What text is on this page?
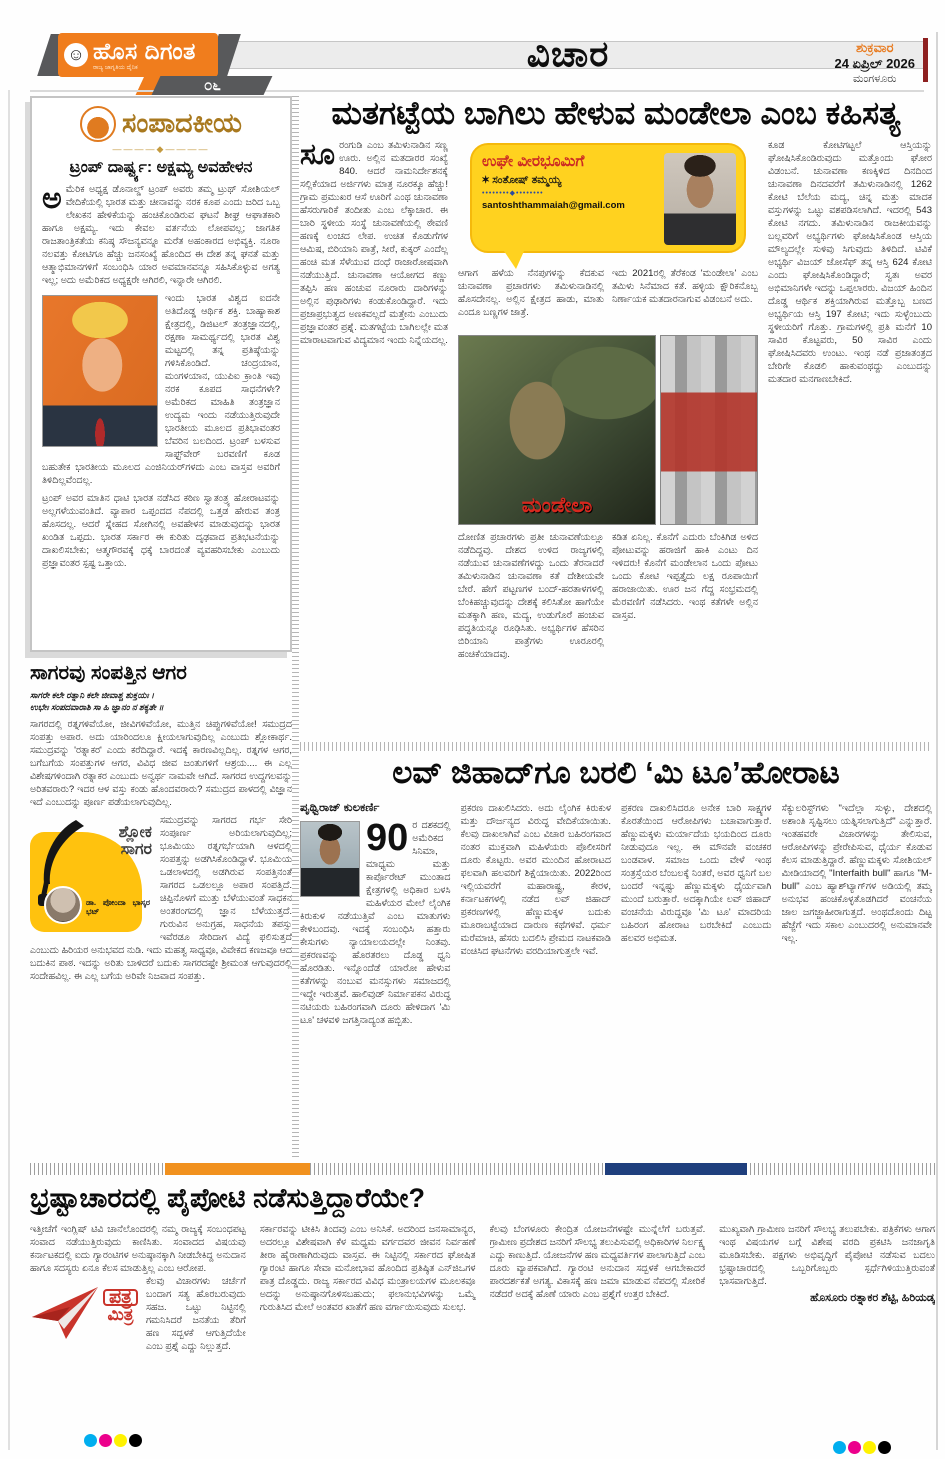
ವಿಚಾರ
☺ ಹೊಸ ದಿಗಂತ
ರಾಜ್ಯ ಜಾಗೃತಿಯ ದೈನಿಕ
೦೬
ಶುಕ್ರವಾರ
24 ಏಪ್ರಿಲ್ 2026
ಮಂಗಳೂರು
ಸಂಪಾದಕೀಯ
————◆————
ಟ್ರಂಪ್ ದಾರ್ಷ್ಟ್ಯ: ಅಕ್ಷಮ್ಯ ಅವಹೇಳನ

ಅಮೆರಿಕ ಅಧ್ಯಕ್ಷ ಡೊನಾಲ್ಡ್ ಟ್ರಂಪ್ ಅವರು ತಮ್ಮ ಟ್ರುಥ್ ಸೋಶಿಯಲ್ ವೇದಿಕೆಯಲ್ಲಿ ಭಾರತ ಮತ್ತು ಚೀನಾವನ್ನು ನರಕ ಕೂಪ ಎಂದು ಜರಿದ ಒಬ್ಬ ಲೇಖಕನ ಹೇಳಿಕೆಯನ್ನು ಹಂಚಿಕೊಂಡಿರುವ ಘಟನೆ ಶೀಘ್ರ ಆಘಾತಕಾರಿ ಹಾಗೂ ಅಕ್ಷಮ್ಯ. ಇದು ಕೇವಲ ವರ್ತನೆಯ ಲೋಪವಲ್ಲ; ಜಾಗತಿಕ ರಾಜತಾಂತ್ರಿಕತೆಯ ಕನಿಷ್ಠ ಸೌಜನ್ಯವನ್ನೂ ಮರೆತ ಅಹಂಕಾರದ ಅಭಿವ್ಯಕ್ತಿ. ನೂರಾ ನಲವತ್ತು ಕೋಟಿಗೂ ಹೆಚ್ಚು ಜನಸಂಖ್ಯೆ ಹೊಂದಿದ ಈ ದೇಶ ತನ್ನ ಘನತೆ ಮತ್ತು ಆತ್ಮಾಭಿಮಾನಗಳಿಗೆ ಸಂಬಂಧಿಸಿ ಯಾರ ಅವಮಾನವನ್ನೂ ಸಹಿಸಿಕೊಳ್ಳುವ ಅಗತ್ಯ ಇಲ್ಲ; ಅದು ಅಮೆರಿಕದ ಅಧ್ಯಕ್ಷರೇ ಆಗಿರಲಿ, ಇನ್ನಾರೇ ಆಗಿರಲಿ.

ಇಂದು ಭಾರತ ವಿಶ್ವದ ಐದನೇ ಅತಿದೊಡ್ಡ ಆರ್ಥಿಕ ಶಕ್ತಿ. ಬಾಹ್ಯಾಕಾಶ ಕ್ಷೇತ್ರದಲ್ಲಿ, ಡಿಜಿಟಲ್ ತಂತ್ರಜ್ಞಾನದಲ್ಲಿ, ರಕ್ಷಣಾ ಸಾಮರ್ಥ್ಯದಲ್ಲಿ ಭಾರತ ವಿಶ್ವ ಮಟ್ಟದಲ್ಲಿ ತನ್ನ ಪ್ರತಿಷ್ಠೆಯನ್ನು ಗಳಿಸಿಕೊಂಡಿದೆ. ಚಂದ್ರಯಾನ, ಮಂಗಳಯಾನ, ಯುಪಿಐ ಕ್ರಾಂತಿ ಇವು ನರಕ ಕೂಪದ ಸಾಧನೆಗಳೇ? ಅಮೆರಿಕದ ಮಾಹಿತಿ ತಂತ್ರಜ್ಞಾನ ಉದ್ಯಮ ಇಂದು ನಡೆಯುತ್ತಿರುವುದೇ ಭಾರತೀಯ ಮೂಲದ ಪ್ರತಿಭಾವಂತರ ಬೆವರಿನ ಬಲದಿಂದ. ಟ್ರಂಪ್ ಬಳಸುವ ಸಾಫ್ಟ್‌ವೇರ್ ಬರವಣಿಗೆ ಕೂಡ ಬಹುತೇಕ ಭಾರತೀಯ ಮೂಲದ ಎಂಜಿನಿಯರ್‌ಗಳದು ಎಂಬ ವಾಸ್ತವ ಅವರಿಗೆ ತಿಳಿದಿಲ್ಲವೆಂದಲ್ಲ.

ಟ್ರಂಪ್ ಅವರ ಮಾತಿನ ಧಾಟಿ ಭಾರತ ನಡೆಸಿದ ಕಠಿಣ ಸ್ವಾತಂತ್ರ್ಯ ಹೋರಾಟವನ್ನು ಅಲ್ಲಗಳೆಯುವಂತಿದೆ. ವ್ಯಾಪಾರ ಒಪ್ಪಂದದ ನೆಪದಲ್ಲಿ ಒತ್ತಡ ಹೇರುವ ತಂತ್ರ ಹೊಸದಲ್ಲ. ಆದರೆ ಸ್ನೇಹದ ಸೋಗಿನಲ್ಲಿ ಅವಹೇಳನ ಮಾಡುವುದನ್ನು ಭಾರತ ಖಂಡಿತ ಒಪ್ಪದು. ಭಾರತ ಸರ್ಕಾರ ಈ ಕುರಿತು ದೃಢವಾದ ಪ್ರತಿಭಟನೆಯನ್ನು ದಾಖಲಿಸಬೇಕು; ಆತ್ಮಗೌರವಕ್ಕೆ ಧಕ್ಕೆ ಬಾರದಂತೆ ವ್ಯವಹರಿಸಬೇಕು ಎಂಬುದು ಪ್ರಜ್ಞಾವಂತರ ಸ್ಪಷ್ಟ ಒತ್ತಾಯ.

ಸಾಗರವು ಸಂಪತ್ತಿನ ಆಗರ
ಸಾಗರೇ ಕಲೇ ರತ್ನಾನಿ ಕಲೇ ಜೀವಾಶ್ಚ ಶುಕ್ತಯಃ ।
ಉಭೇಃ ಸಂಪದವಾರಾಶಿ ಸಾ ಹಿ ಜ್ಞಾನಂ ನ ಶಕ್ಯತೇ ॥

ಸಾಗರದಲ್ಲಿ ರತ್ನಗಳಿವೆಯೋ, ಜೀವಿಗಳಿವೆಯೋ, ಮುತ್ತಿನ ಚಿಪ್ಪುಗಳಿವೆಯೋ! ಸಮುದ್ರದ ಸಂಪತ್ತು ಅಪಾರ. ಅದು ಯಾರಿಂದಲೂ ಕ್ಷೀಯಲಾಗುವುದಿಲ್ಲ ಎಂಬುದು ಶ್ಲೋಕಾರ್ಥ. ಸಮುದ್ರವನ್ನು 'ರತ್ನಾಕರ' ಎಂದು ಕರೆದಿದ್ದಾರೆ. ಇದಕ್ಕೆ ಕಾರಣವಿಲ್ಲದಿಲ್ಲ. ರತ್ನಗಳ ಆಗರ, ಬಗೆಬಗೆಯ ಸಂಪತ್ತುಗಳ ಆಗರ, ವಿವಿಧ ಜೀವ ಜಂತುಗಳಿಗೆ ಆಶ್ರಯ.... ಈ ಎಲ್ಲ ವಿಶೇಷಗಳಿಂದಾಗಿ ರತ್ನಾಕರ ಎಂಬುದು ಅನ್ವರ್ಥ ನಾಮವೇ ಆಗಿದೆ. ಸಾಗರದ ಉದ್ದಗಲವನ್ನು ಅರಿತವರಾರು? ಇದರ ಆಳ ವಸ್ತು ಕಂಡು ಹೊಂದವರಾರು? ಸಮುದ್ರದ ಪಾಳದಲ್ಲಿ ವಿಜ್ಞಾನ ಇದೆ ಎಂಬುದನ್ನು ಪೂರ್ಣ ಪಡೆಯಲಾಗುವುದಿಲ್ಲ.

ಶ್ಲೋಕ
ಸಾಗರ
ಡಾ. ಪೋಂದಾ ಭಾಸ್ಕರ ಭಟ್

ಸಮುದ್ರವನ್ನು ಸಾಗರದ ಗರ್ಭ ಸೇರಿ ಸಂಪೂರ್ಣ ಅರಿಯಲಾಗುವುದಿಲ್ಲ; ಭೂಮಿಯು ರತ್ನಗರ್ಭೆಯಾಗಿ ಆಳದಲ್ಲಿ ಸಂಪತ್ತನ್ನು ಅಡಗಿಸಿಕೊಂಡಿದ್ದಾಳೆ. ಭೂಮಿಯ ಒಡಲಾಳದಲ್ಲಿ ಅಡಗಿರುವ ಸಂಪತ್ತಿನಂತೆ ಸಾಗರದ ಒಡಲಲ್ಲೂ ಅಪಾರ ಸಂಪತ್ತಿದೆ. ಚಿಪ್ಪಿನೊಳಗೆ ಮುತ್ತು ಬೆಳೆಯುವಂತೆ ಸಾಧಕನ ಅಂತರಂಗದಲ್ಲಿ ಜ್ಞಾನ ಬೆಳೆಯುತ್ತದೆ. ಗುರುವಿನ ಅನುಗ್ರಹ, ಸಾಧನೆಯ ತಪಸ್ಸು ಇವೆರಡೂ ಸೇರಿದಾಗ ವಿದ್ಯೆ ಫಲಿಸುತ್ತದೆ ಎಂಬುದು ಹಿರಿಯರ ಅನುಭವದ ನುಡಿ. ಇದು ಮಹತ್ವ ಸಾಧ್ಯವೂ, ವಿವೇಕದ ಕಣಜವೂ ಆದ ಬದುಕಿನ ಪಾಠ. ಇದನ್ನು ಅರಿತು ಬಾಳಿದರೆ ಬದುಕು ಸಾಗರದಷ್ಟೇ ಶ್ರೀಮಂತ ಆಗುವುದರಲ್ಲಿ ಸಂದೇಹವಿಲ್ಲ. ಈ ಎಲ್ಲ ಬಗೆಯ ಅರಿವೇ ನಿಜವಾದ ಸಂಪತ್ತು.

ಮತಗಟ್ಟೆಯ ಬಾಗಿಲು ಹೇಳುವ ಮಂಡೇಲಾ ಎಂಬ ಕಹಿಸತ್ಯ
ಸೂರಂಗುಡಿ ಎಂಬ ತಮಿಳುನಾಡಿನ ಸಣ್ಣ ಊರು. ಅಲ್ಲಿನ ಮತದಾರರ ಸಂಖ್ಯೆ 840. ಆದರೆ ನಾಮನಿರ್ದೇಶನಕ್ಕೆ ಸಲ್ಲಿಕೆಯಾದ ಅರ್ಜಿಗಳು ಮಾತ್ರ ನೂರಕ್ಕೂ ಹೆಚ್ಚು! ಗ್ರಾಮ ಪ್ರಮುಖರ ಆಸೆ ಊರಿಗೆ ಎಂಥ ಚುನಾವಣಾ ಹೆಸರುಗಾರಿಕೆ ತಂದೀತು ಎಂಬ ಲೆಕ್ಕಾಚಾರ. ಈ ಬಾರಿ ಸ್ಥಳೀಯ ಸಂಸ್ಥೆ ಚುನಾವಣೆಯಲ್ಲಿ ಠೇವಣಿ ಹಣಕ್ಕೆ ಲಂಚದ ಲೇಪ. ಉಚಿತ ಕೊಡುಗೆಗಳ ಆಮಿಷ, ಬಿರಿಯಾನಿ ಪಾತ್ರೆ, ಸೀರೆ, ಕುಕ್ಕರ್ ಎಂದೆಲ್ಲ ಹಂಚಿ ಮತ ಸೆಳೆಯುವ ದಂಧೆ ರಾಜಾರೋಷವಾಗಿ ನಡೆಯುತ್ತಿದೆ. ಚುನಾವಣಾ ಆಯೋಗದ ಕಣ್ಣು ತಪ್ಪಿಸಿ ಹಣ ಹಂಚುವ ನೂರಾರು ದಾರಿಗಳನ್ನು ಅಲ್ಲಿನ ಪುಢಾರಿಗಳು ಕಂಡುಕೊಂಡಿದ್ದಾರೆ. ಇದು ಪ್ರಜಾಪ್ರಭುತ್ವದ ಅಣಕವಲ್ಲದೆ ಮತ್ತೇನು ಎಂಬುದು ಪ್ರಜ್ಞಾವಂತರ ಪ್ರಶ್ನೆ. ಮತಗಟ್ಟೆಯ ಬಾಗಿಲಲ್ಲೇ ಮತ ಮಾರಾಟವಾಗುವ ವಿದ್ಯಮಾನ ಇಂದು ನಿನ್ನೆಯದಲ್ಲ.
ಉಘೇ ವೀರಭೂಮಿಗೆ
✶ ಸಂತೋಷ್ ತಮ್ಮಯ್ಯ
••••••••◆••••••••
santoshthammaiah@gmail.com
ಆಗಾಗ ಹಳೆಯ ನೆನಪುಗಳನ್ನು ಕೆದಕುವ ಚುನಾವಣಾ ಪ್ರಚಾರಗಳು ತಮಿಳುನಾಡಿನಲ್ಲಿ ಹೊಸದೇನಲ್ಲ. ಅಲ್ಲಿನ ಕ್ಷೇತ್ರದ ಹಾಡು, ಮಾತು ಎಂದೂ ಬಣ್ಣಗಳ ಜಾತ್ರೆ.
ಇದು 2021ರಲ್ಲಿ ತೆರೆಕಂಡ 'ಮಂಡೇಲಾ' ಎಂಬ ತಮಿಳು ಸಿನೆಮಾದ ಕತೆ. ಹಳ್ಳಿಯ ಕ್ಷೌರಿಕನೊಬ್ಬ ನಿರ್ಣಾಯಕ ಮತದಾರನಾಗುವ ವಿಡಂಬನೆ ಅದು.
ಮಂಡೇಲಾ
ದೋಣಿತ ಪ್ರಚಾರಗಳು ಪ್ರತೀ ಚುನಾವಣೆಯಲ್ಲೂ ನಡೆದಿದ್ದವು. ದೇಶದ ಉಳಿದ ರಾಜ್ಯಗಳಲ್ಲಿ ನಡೆಯುವ ಚುನಾವಣೆಗಳದ್ದು ಒಂದು ತೆರನಾದರೆ ತಮಿಳುನಾಡಿನ ಚುನಾವಣಾ ಕತೆ ದೇಶೀಯವೇ ಬೇರೆ. ಹೇಗೆ ಪಟ್ಟಣಗಳ ಬಂದ್-ಹರತಾಳಗಳಲ್ಲಿ ಬೆಂಕಿಹಚ್ಚುವುದನ್ನು ದೇಶಕ್ಕೆ ಕಲಿಸಿತೋ ಹಾಗೆಯೇ ಮತಕ್ಕಾಗಿ ಹಣ, ಮದ್ಯ, ಉಡುಗೊರೆ ಹಂಚುವ ಪದ್ಧತಿಯನ್ನೂ ರೂಢಿಸಿತು. ಅಭ್ಯರ್ಥಿಗಳ ಹೆಸರಿನ ಬಿರಿಯಾನಿ ಪಾತ್ರೆಗಳು ಊರೂರಲ್ಲಿ ಹಂಚಿಕೆಯಾದವು.
ಕಡಿತ ಏನಿಲ್ಲ. ಕೊನೆಗೆ ಎದುರು ಬೆಂಕಿಗಿಡ ಅಳಿದ ಪೋಟುವನ್ನು ಹರಾಜಿಗೆ ಹಾಕಿ ಎಂಟು ದಿನ ಇಳಿದರು! ಕೊನೆಗೆ ಮಂಡೇಲಾನ ಒಂದು ಪೋಟು ಒಂದು ಕೋಟಿ ಇಪ್ಪತ್ತೈದು ಲಕ್ಷ ರೂಪಾಯಿಗೆ ಹರಾಜಾಯಿತು. ಊರ ಜನ ಗೆದ್ದ ಸಂಭ್ರಮದಲ್ಲಿ ಮೆರವಣಿಗೆ ನಡೆಸಿದರು. ಇಂಥ ಕತೆಗಳೇ ಅಲ್ಲಿನ ವಾಸ್ತವ.
ಕೂಡ ಕೋಟಿಗಟ್ಟಲೆ ಆಸ್ತಿಯನ್ನು ಘೋಷಿಸಿಕೊಂಡಿರುವುದು ಮತ್ತೊಂದು ಘೋರ ವಿಡಂಬನೆ. ಚುನಾವಣಾ ಕಣಕ್ಕಿಳಿದ ದಿನದಿಂದ ಚುನಾವಣಾ ದಿನದವರೆಗೆ ತಮಿಳುನಾಡಿನಲ್ಲಿ 1262 ಕೋಟಿ ಬೆಲೆಯ ಮದ್ಯ, ಚಿನ್ನ ಮತ್ತು ಮಾದಕ ವಸ್ತುಗಳನ್ನು ಒಟ್ಟು ವಶಪಡಿಸಲಾಗಿದೆ. ಇದರಲ್ಲಿ 543 ಕೋಟಿ ನಗದು. ತಮಿಳುನಾಡಿನ ರಾಜಕೀಯವನ್ನು ಬಲ್ಲವರಿಗೆ ಅಭ್ಯರ್ಥಿಗಳು ಘೋಷಿಸಿಕೊಂಡ ಆಸ್ತಿಯ ಮೌಲ್ಯದಲ್ಲೇ ಸುಳಿವು ಸಿಗುವುದು ತಿಳಿದಿದೆ. ಟಿವಿಕೆ ಅಭ್ಯರ್ಥಿ ವಿಜಯ್ ಜೋಸೆಫ್ ತನ್ನ ಆಸ್ತಿ 624 ಕೋಟಿ ಎಂದು ಘೋಷಿಸಿಕೊಂಡಿದ್ದಾರೆ; ಸ್ವತಃ ಅವರ ಅಭಿಮಾನಿಗಳೇ ಇದನ್ನು ಒಪ್ಪಲಾರರು. ವಿಜಯ್ ಹಿಂದಿನ ದೊಡ್ಡ ಆರ್ಥಿಕ ಶಕ್ತಿಯಾಗಿರುವ ಮತ್ತೊಬ್ಬ ಬಣದ ಅಭ್ಯರ್ಥಿಯ ಆಸ್ತಿ 197 ಕೋಟಿ; ಇದು ಸುಳ್ಳೆಂಬುದು ಸ್ಥಳೀಯರಿಗೆ ಗೊತ್ತು. ಗ್ರಾಮಗಳಲ್ಲಿ ಪ್ರತಿ ಮನೆಗೆ 10 ಸಾವಿರ ಕೊಟ್ಟವರು, 50 ಸಾವಿರ ಎಂದು ಘೋಷಿಸಿದವರು ಉಂಟು. ಇಂಥ ನಡೆ ಪ್ರಜಾತಂತ್ರದ ಬೇರಿಗೇ ಕೊಡಲಿ ಹಾಕುವಂಥದ್ದು ಎಂಬುದನ್ನು ಮತದಾರ ಮನಗಾಣಬೇಕಿದೆ.
ಲವ್ ಜಿಹಾದ್‌ಗೂ ಬರಲಿ ‘ಮಿ ಟೂ’ಹೋರಾಟ
ಪೃಥ್ವಿರಾಜ್ ಕುಲಕರ್ಣಿ
90 ರ ದಶಕದಲ್ಲಿ ಅಮೆರಿಕದ ಸಿನಿಮಾ, ಮಾಧ್ಯಮ ಮತ್ತು ಕಾರ್ಪೊರೇಟ್ ಮುಂತಾದ ಕ್ಷೇತ್ರಗಳಲ್ಲಿ ಅಧಿಕಾರ ಬಳಸಿ ಮಹಿಳೆಯರ ಮೇಲೆ ಲೈಂಗಿಕ ಕಿರುಕುಳ ನಡೆಯುತ್ತಿವೆ ಎಂಬ ಮಾತುಗಳು ಕೇಳಿಬಂದವು. ಇದಕ್ಕೆ ಸಂಬಂಧಿಸಿ ಹತ್ತಾರು ಕೇಸುಗಳು ನ್ಯಾಯಾಲಯದಲ್ಲೇ ನಿಂತವು. ಪ್ರಕರಣವನ್ನು ಹೊರತರಲು ದೊಡ್ಡ ಧ್ವನಿ ಹೊರಡಿತು. ಇನ್ನೊಂದೆಡೆ ಯಾರೋ ಹೇಳುವ ಕತೆಗಳನ್ನು ನಂಬುವ ಮನಸ್ಸುಗಳು ಸಮಾಜದಲ್ಲಿ ಇದ್ದೇ ಇರುತ್ತವೆ. ಹಾಲಿವುಡ್ ನಿರ್ಮಾಪಕನ ವಿರುದ್ಧ ನಟಿಯರು ಬಹಿರಂಗವಾಗಿ ದೂರು ಹೇಳಿದಾಗ 'ಮಿ ಟೂ' ಚಳವಳಿ ಜಗತ್ತಿನಾದ್ಯಂತ ಹಬ್ಬಿತು.
ಪ್ರಕರಣ ದಾಖಲಿಸಿದರು. ಅದು ಲೈಂಗಿಕ ಕಿರುಕುಳ ಮತ್ತು ದೌರ್ಜನ್ಯದ ವಿರುದ್ಧ ವೇದಿಕೆಯಾಯಿತು. ಕೆಲವು ದಾಖಲಾಗಿವೆ ಎಂಬ ವಿಚಾರ ಬಹಿರಂಗವಾದ ನಂತರ ಮುಕ್ತವಾಗಿ ಮಹಿಳೆಯರು ಪೊಲೀಸರಿಗೆ ದೂರು ಕೊಟ್ಟರು. ಅವರ ಮುಂದಿನ ಹೋರಾಟದ ಫಲವಾಗಿ ಹಲವರಿಗೆ ಶಿಕ್ಷೆಯಾಯಿತು. 2022ರಿಂದ ಇಲ್ಲಿಯವರೆಗೆ ಮಹಾರಾಷ್ಟ್ರ, ಕೇರಳ, ಕರ್ನಾಟಕಗಳಲ್ಲಿ ನಡೆದ ಲವ್ ಜಿಹಾದ್ ಪ್ರಕರಣಗಳಲ್ಲಿ ಹೆಣ್ಣುಮಕ್ಕಳ ಬದುಕು ಮೂರಾಬಟ್ಟೆಯಾದ ದಾರುಣ ಕಥೆಗಳಿವೆ. ಧರ್ಮ ಮರೆಮಾಚಿ, ಹೆಸರು ಬದಲಿಸಿ ಪ್ರೇಮದ ನಾಟಕವಾಡಿ ವಂಚಿಸಿದ ಘಟನೆಗಳು ವರದಿಯಾಗುತ್ತಲೇ ಇವೆ.
ಪ್ರಕರಣ ದಾಖಲಿಸಿದರೂ ಅನೇಕ ಬಾರಿ ಸಾಕ್ಷ್ಯಗಳ ಕೊರತೆಯಿಂದ ಆರೋಪಿಗಳು ಬಚಾವಾಗುತ್ತಾರೆ. ಹೆಣ್ಣುಮಕ್ಕಳು ಮರ್ಯಾದೆಯ ಭಯದಿಂದ ದೂರು ನೀಡುವುದೂ ಇಲ್ಲ. ಈ ಮೌನವೇ ವಂಚಕರ ಬಂಡವಾಳ. ಸಮಾಜ ಒಂದು ವೇಳೆ ಇಂಥ ಸಂತ್ರಸ್ತೆಯರ ಬೆಂಬಲಕ್ಕೆ ನಿಂತರೆ, ಅವರ ಧ್ವನಿಗೆ ಬಲ ಬಂದರೆ ಇನ್ನಷ್ಟು ಹೆಣ್ಣುಮಕ್ಕಳು ಧೈರ್ಯವಾಗಿ ಮುಂದೆ ಬರುತ್ತಾರೆ. ಅದಕ್ಕಾಗಿಯೇ ಲವ್ ಜಿಹಾದ್ ವಂಚನೆಯ ವಿರುದ್ಧವೂ 'ಮಿ ಟೂ' ಮಾದರಿಯ ಬಹಿರಂಗ ಹೋರಾಟ ಬರಬೇಕಿದೆ ಎಂಬುದು ಹಲವರ ಅಭಿಮತ.
ಸೆಕ್ಯುಲರಿಸ್ಟ್‌ಗಳು "ಇದೆಲ್ಲಾ ಸುಳ್ಳು, ದೇಶದಲ್ಲಿ ಅಶಾಂತಿ ಸೃಷ್ಟಿಸಲು ಯತ್ನಿಸಲಾಗುತ್ತಿದೆ" ಎನ್ನುತ್ತಾರೆ. ಇಂತಹವರೇ ವಿಚಾರಗಳನ್ನು ತೇಲಿಸುವ, ಆರೋಪಿಗಳನ್ನು ಪ್ರೇರೇಪಿಸುವ, ಧೈರ್ಯ ಕೊಡುವ ಕೆಲಸ ಮಾಡುತ್ತಿದ್ದಾರೆ. ಹೆಣ್ಣುಮಕ್ಕಳು ಸೋಶಿಯಲ್ ಮೀಡಿಯಾದಲ್ಲಿ "Interfaith bull" ಹಾಗೂ "M-bull" ಎಂಬ ಹ್ಯಾಶ್‌ಟ್ಯಾಗ್‌ಗಳ ಅಡಿಯಲ್ಲಿ ತಮ್ಮ ಅನುಭವ ಹಂಚಿಕೊಳ್ಳತೊಡಗಿದರೆ ವಂಚನೆಯ ಜಾಲ ಜಗಜ್ಜಾಹೀರಾಗುತ್ತದೆ. ಅಂಥದೊಂದು ದಿಟ್ಟ ಹೆಜ್ಜೆಗೆ ಇದು ಸಕಾಲ ಎಂಬುದರಲ್ಲಿ ಅನುಮಾನವೇ ಇಲ್ಲ.
ಭ್ರಷ್ಟಾಚಾರದಲ್ಲಿ ಪೈಪೋಟಿ ನಡೆಸುತ್ತಿದ್ದಾರೆಯೇ?

ಇತ್ತೀಚೆಗೆ ಇಂಗ್ಲಿಷ್ ಟಿವಿ ಚಾನೆಲೊಂದರಲ್ಲಿ ನಮ್ಮ ರಾಜ್ಯಕ್ಕೆ ಸಂಬಂಧಪಟ್ಟ ಸಂವಾದ ನಡೆಯುತ್ತಿರುವುದು ಕಾಣಿಸಿತು. ಸಂವಾದದ ವಿಷಯವು ಕರ್ನಾಟಕದಲ್ಲಿ ಐದು ಗ್ಯಾರಂಟಿಗಳ ಅನುಷ್ಠಾನಕ್ಕಾಗಿ ನೀಡಬೇಕಿದ್ದ ಅನುದಾನ ಹಾಗೂ ಸದಸ್ಯರು ಏನೂ ಕೆಲಸ ಮಾಡುತ್ತಿಲ್ಲ ಎಂಬ ಆರೋಪ.

ಪತ್ರ
ಮಿತ್ರ

ಕೆಲವು ವಿಚಾರಗಳು ಚರ್ಚೆಗೆ ಬಂದಾಗ ಸತ್ಯ ಹೊರಬರುವುದು ಸಹಜ. ಒಟ್ಟು ನಿಟ್ಟಿನಲ್ಲಿ ಗಮನಿಸಿದರೆ ಜನತೆಯ ತೆರಿಗೆ ಹಣ ಸದ್ಬಳಕೆ ಆಗುತ್ತಿದೆಯೇ ಎಂಬ ಪ್ರಶ್ನೆ ಎದ್ದು ನಿಲ್ಲುತ್ತದೆ.

ಸರ್ಕಾರವನ್ನು ಟೀಕಿಸಿ ತಿಂದವು ಎಂಬ ಅನಿಸಿಕೆ. ಅದರಿಂದ ಜನಸಾಮಾನ್ಯರ, ಅದರಲ್ಲೂ ವಿಶೇಷವಾಗಿ ಕೆಳ ಮಧ್ಯಮ ವರ್ಗದವರ ಜೀವನ ನಿರ್ವಹಣೆ ತೀರಾ ಹೈರಾಣಾಗಿರುವುದು ವಾಸ್ತವ. ಈ ನಿಟ್ಟಿನಲ್ಲಿ ಸರ್ಕಾರದ ಘೋಷಿತ ಗ್ಯಾರಂಟಿ ಹಾಗೂ ಸೇವಾ ಮನೋಭಾವ ಹೊಂದಿದ ಪ್ರತಿಷ್ಠಿತ ಎನ್‌ಜಿಒಗಳ ಪಾತ್ರ ದೊಡ್ಡದು. ರಾಜ್ಯ ಸರ್ಕಾರದ ವಿವಿಧ ಮಂತ್ರಾಲಯಗಳ ಮೂಲಕವೂ ಅದನ್ನು ಅನುಷ್ಠಾನಗೊಳಿಸಬಹುದು; ಫಲಾನುಭವಿಗಳನ್ನು ಒಮ್ಮೆ ಗುರುತಿಸಿದ ಮೇಲೆ ಅಂತವರ ಖಾತೆಗೆ ಹಣ ವರ್ಗಾಯಿಸುವುದು ಸುಲಭ.
ಕೆಲವು ಬೆಂಗಳೂರು ಕೇಂದ್ರಿತ ಯೋಜನೆಗಳಷ್ಟೇ ಮುನ್ನೆಲೆಗೆ ಬರುತ್ತವೆ. ಗ್ರಾಮೀಣ ಪ್ರದೇಶದ ಜನರಿಗೆ ಸೌಲಭ್ಯ ತಲುಪಿಸುವಲ್ಲಿ ಅಧಿಕಾರಿಗಳ ನಿರ್ಲಕ್ಷ್ಯ ಎದ್ದು ಕಾಣುತ್ತಿದೆ. ಯೋಜನೆಗಳ ಹಣ ಮಧ್ಯವರ್ತಿಗಳ ಪಾಲಾಗುತ್ತಿದೆ ಎಂಬ ದೂರು ವ್ಯಾಪಕವಾಗಿದೆ. ಗ್ಯಾರಂಟಿ ಅನುದಾನ ಸದ್ಬಳಕೆ ಆಗಬೇಕಾದರೆ ಪಾರದರ್ಶಕತೆ ಅಗತ್ಯ. ವಿಕಾಸಕ್ಕೆ ಹಣ ಜಮಾ ಮಾಡುವ ನೆಪದಲ್ಲಿ ಸೋರಿಕೆ ನಡೆದರೆ ಅದಕ್ಕೆ ಹೊಣೆ ಯಾರು ಎಂಬ ಪ್ರಶ್ನೆಗೆ ಉತ್ತರ ಬೇಕಿದೆ.

ಮುಖ್ಯವಾಗಿ ಗ್ರಾಮೀಣ ಜನರಿಗೆ ಸೌಲಭ್ಯ ತಲುಪಬೇಕು. ಪತ್ರಿಕೆಗಳು ಆಗಾಗ ಇಂಥ ವಿಷಯಗಳ ಬಗ್ಗೆ ವಿಶೇಷ ವರದಿ ಪ್ರಕಟಿಸಿ ಜನಜಾಗೃತಿ ಮೂಡಿಸಬೇಕು. ಪಕ್ಷಗಳು ಅಭಿವೃದ್ಧಿಗೆ ಪೈಪೋಟಿ ನಡೆಸುವ ಬದಲು ಭ್ರಷ್ಟಾಚಾರದಲ್ಲಿ ಒಬ್ಬರಿಗೊಬ್ಬರು ಸ್ಪರ್ಧೆಗಿಳಿಯುತ್ತಿರುವಂತೆ ಭಾಸವಾಗುತ್ತಿದೆ.

ಹೊಸೂರು ರತ್ನಾಕರ ಶೆಟ್ಟಿ, ಹಿರಿಯಡ್ಕ
